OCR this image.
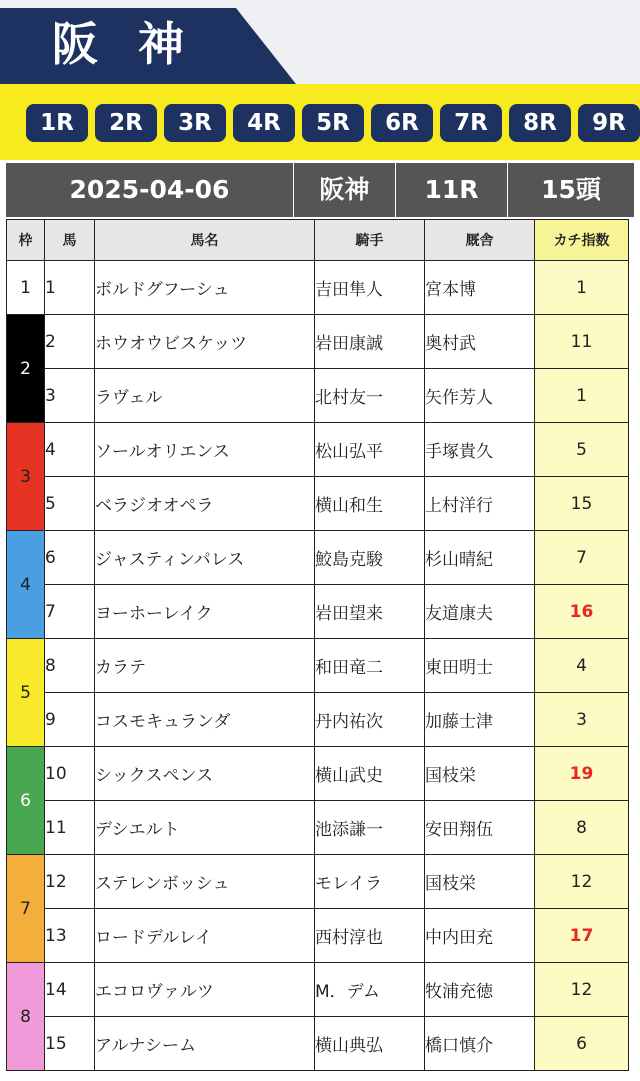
阪神
1R	2R	3R	4R	5R	6R	7R	8R	9R
2025-04-06	阪神	11R	15頭
枠	馬	馬名	騎手	厩舎	カチ指数
1	1	ボルドグフーシュ	吉田隼人	宮本博	1
2	2	ホウオウビスケッツ	岩田康誠	奥村武	11
	3	ラヴェル	北村友一	矢作芳人	1
3	4	ソールオリエンス	松山弘平	手塚貴久	5
	5	ベラジオオペラ	横山和生	上村洋行	15
4	6	ジャスティンパレス	鮫島克駿	杉山晴紀	7
	7	ヨーホーレイク	岩田望来	友道康夫	16
5	8	カラテ	和田竜二	東田明士	4
	9	コスモキュランダ	丹内祐次	加藤士津	3
6	10	シックスペンス	横山武史	国枝栄	19
	11	デシエルト	池添謙一	安田翔伍	8
7	12	ステレンボッシュ	モレイラ	国枝栄	12
	13	ロードデルレイ	西村淳也	中内田充	17
8	14	エコロヴァルツ	M．デム	牧浦充徳	12
	15	アルナシーム	横山典弘	橋口慎介	6
